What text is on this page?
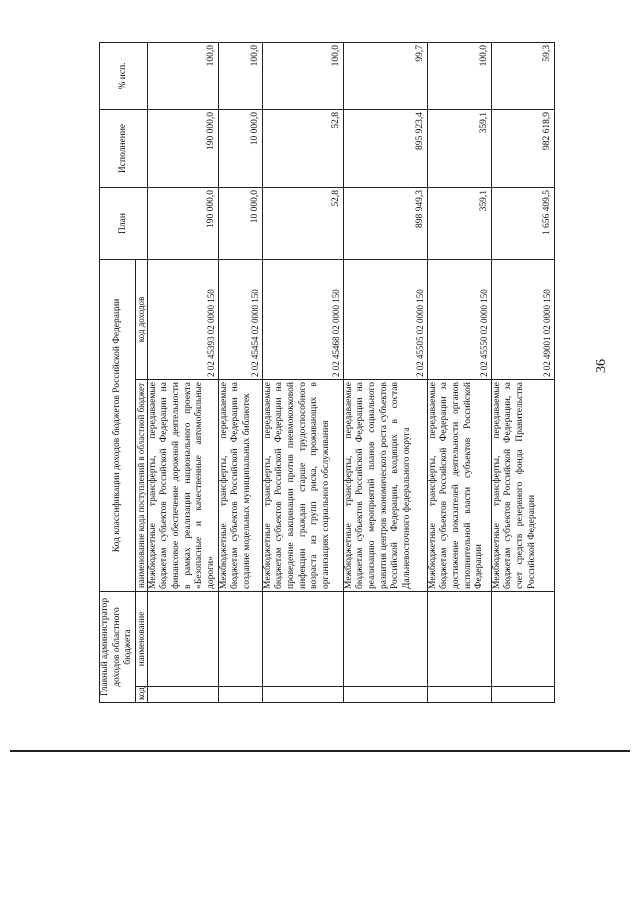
36
Главный администратор доходов областного бюджета		Код классификации доходов бюджетов Российской Федерации		План	Исполнение	% исп.
код	наименование	наименование кода поступлений в областной бюджет	код доходов			
		Межбюджетные трансферты, передаваемые бюджетам субъектов Российской Федерации на финансовое обеспечение дорожной деятельности в рамках реализации национального проекта «Безопасные и качественные автомобильные дороги»	2 02 45393 02 0000 150	190 000,0	190 000,0	100,0
		Межбюджетные трансферты, передаваемые бюджетам субъектов Российской Федерации на создание модельных муниципальных библиотек	2 02 45454 02 0000 150	10 000,0	10 000,0	100,0
		Межбюджетные трансферты, передаваемые бюджетам субъектов Российской Федерации на проведение вакцинации против пневмококковой инфекции граждан старше трудоспособного возраста из групп риска, проживающих в организациях социального обслуживания	2 02 45468 02 0000 150	52,8	52,8	100,0
		Межбюджетные трансферты, передаваемые бюджетам субъектов Российской Федерации на реализацию мероприятий планов социального развития центров экономического роста субъектов Российской Федерации, входящих в состав Дальневосточного федерального округа	2 02 45505 02 0000 150	898 949,3	895 923,4	99,7
		Межбюджетные трансферты, передаваемые бюджетам субъектов Российской Федерации за достижение показателей деятельности органов исполнительной власти субъектов Российской Федерации	2 02 45550 02 0000 150	359,1	359,1	100,0
		Межбюджетные трансферты, передаваемые бюджетам субъектов Российской Федерации, за счет средств резервного фонда Правительства Российской Федерации	2 02 49001 02 0000 150	1 656 409,5	982 618,9	59,3
